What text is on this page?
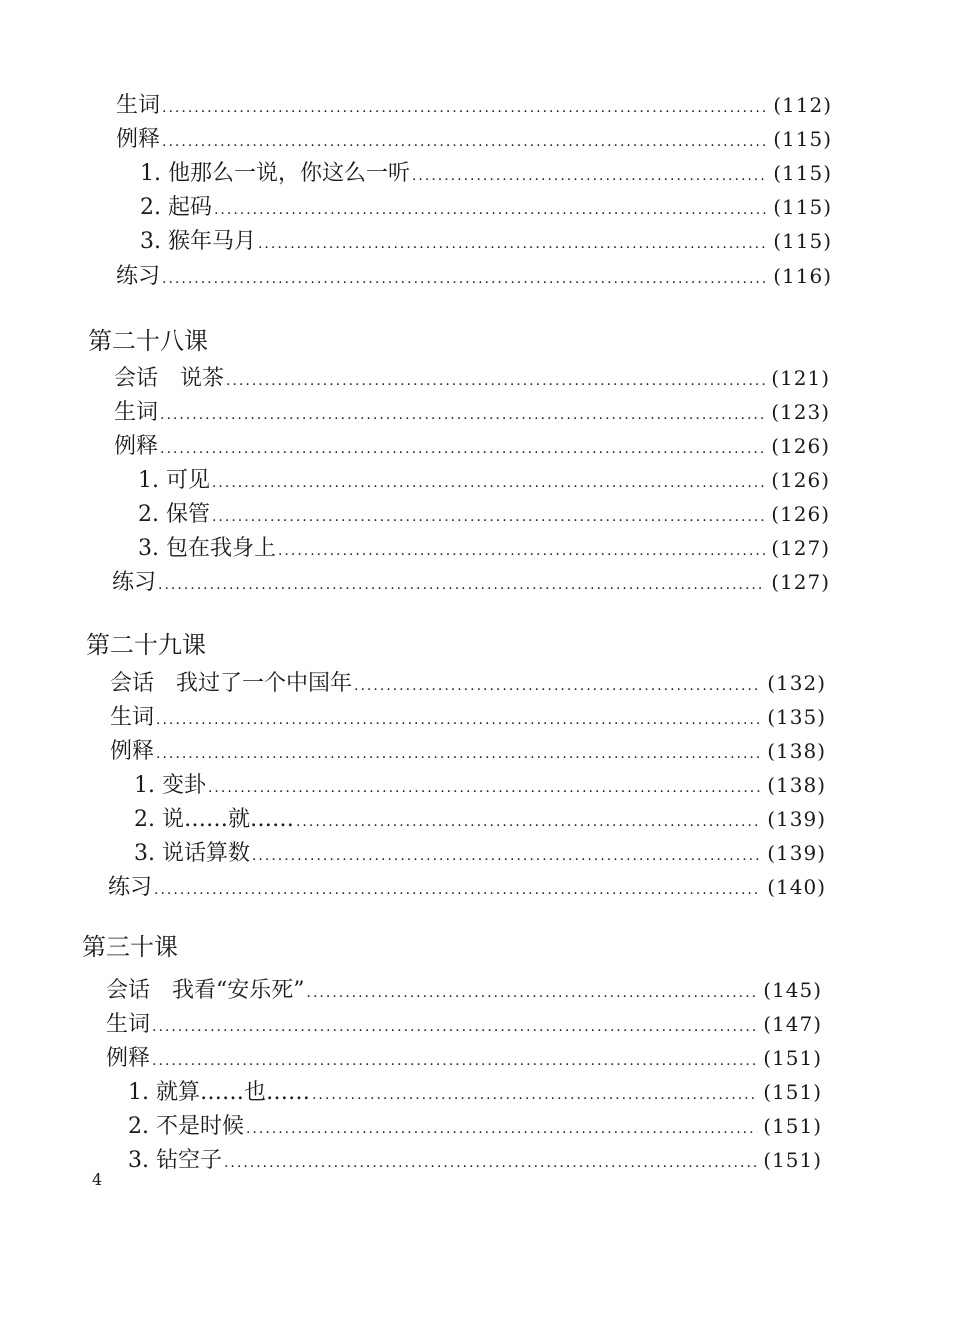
生词 .....	(112)
例释 .....	(115)
1. 他那么一说，你这么一听 .....	(115)
2. 起码 .....	(115)
3. 猴年马月 .....	(115)
练习 .....	(116)
第二十八课
会话　说茶 .....	(121)
生词 .....	(123)
例释 .....	(126)
1. 可见 .....	(126)
2. 保管 .....	(126)
3. 包在我身上 .....	(127)
练习 .....	(127)
第二十九课
会话　我过了一个中国年 .....	(132)
生词 .....	(135)
例释 .....	(138)
1. 变卦 .....	(138)
2. 说……就…… .....	(139)
3. 说话算数 .....	(139)
练习 .....	(140)
第三十课
会话　我看“安乐死” .....	(145)
生词 .....	(147)
例释 .....	(151)
1. 就算……也…… .....	(151)
2. 不是时候 .....	(151)
3. 钻空子 .....	(151)
4
